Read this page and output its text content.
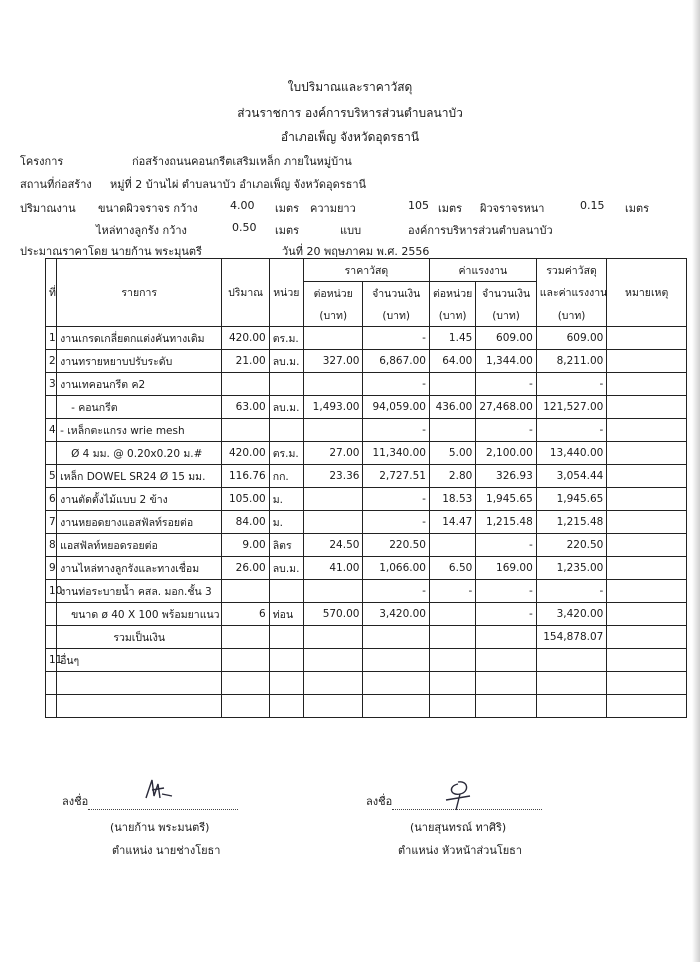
ใบปริมาณและราคาวัสดุ
ส่วนราชการ องค์การบริหารส่วนตำบลนาบัว
อำเภอเพ็ญ จังหวัดอุดรธานี
โครงการ	ก่อสร้างถนนคอนกรีตเสริมเหล็ก ภายในหมู่บ้าน
สถานที่ก่อสร้าง หมู่ที่ 2 บ้านไผ่ ตำบลนาบัว อำเภอเพ็ญ จังหวัดอุดรธานี
ปริมาณงาน ขนาดผิวจราจร กว้าง	4.00 เมตร ความยาว	105 เมตร ผิวจราจรหนา	0.15 เมตร
ไหล่ทางลูกรัง กว้าง	0.50 เมตร	แบบ	องค์การบริหารส่วนตำบลนาบัว
ประมาณราคาโดย นายก้าน พระมุนตรี	วันที่ 20 พฤษภาคม พ.ศ. 2556
ที่	รายการ	ปริมาณ	หน่วย	ราคาวัสดุ		ค่าแรงงาน		รวมค่าวัสดุ	หมายเหตุ
				ต่อหน่วย	จำนวนเงิน	ต่อหน่วย	จำนวนเงิน	และค่าแรงงาน	
				(บาท)	(บาท)	(บาท)	(บาท)	(บาท)	
1	งานเกรดเกลี่ยตกแต่งคันทางเดิม	420.00	ตร.ม.		-	1.45	609.00	609.00	
2	งานทรายหยาบปรับระดับ	21.00	ลบ.ม.	327.00	6,867.00	64.00	1,344.00	8,211.00	
3	งานเทคอนกรีต ค2				-		-	-	
	- คอนกรีต	63.00	ลบ.ม.	1,493.00	94,059.00	436.00	27,468.00	121,527.00	
4	- เหล็กตะแกรง wrie mesh				-		-	-	
	Ø 4 มม. @ 0.20x0.20 ม.#	420.00	ตร.ม.	27.00	11,340.00	5.00	2,100.00	13,440.00	
5	เหล็ก DOWEL SR24 Ø 15 มม.	116.76	กก.	23.36	2,727.51	2.80	326.93	3,054.44	
6	งานตัดตั้งไม้แบบ 2 ข้าง	105.00	ม.		-	18.53	1,945.65	1,945.65	
7	งานหยอดยางแอสฟัลท์รอยต่อ	84.00	ม.		-	14.47	1,215.48	1,215.48	
8	แอสฟัลท์หยอดรอยต่อ	9.00	ลิตร	24.50	220.50		-	220.50	
9	งานไหล่ทางลูกรังและทางเชื่อม	26.00	ลบ.ม.	41.00	1,066.00	6.50	169.00	1,235.00	
10	งานท่อระบายน้ำ คสล. มอก.ชั้น 3				-	-	-	-	
	ขนาด ø 40 X 100 พร้อมยาแนว	6	ท่อน	570.00	3,420.00		-	3,420.00	
	รวมเป็นเงิน							154,878.07	
11	อื่นๆ								

ลงชื่อ
(นายก้าน พระมนตรี)
ตำแหน่ง นายช่างโยธา
ลงชื่อ
(นายสุนทรณ์ ทาศิริ)
ตำแหน่ง หัวหน้าส่วนโยธา
